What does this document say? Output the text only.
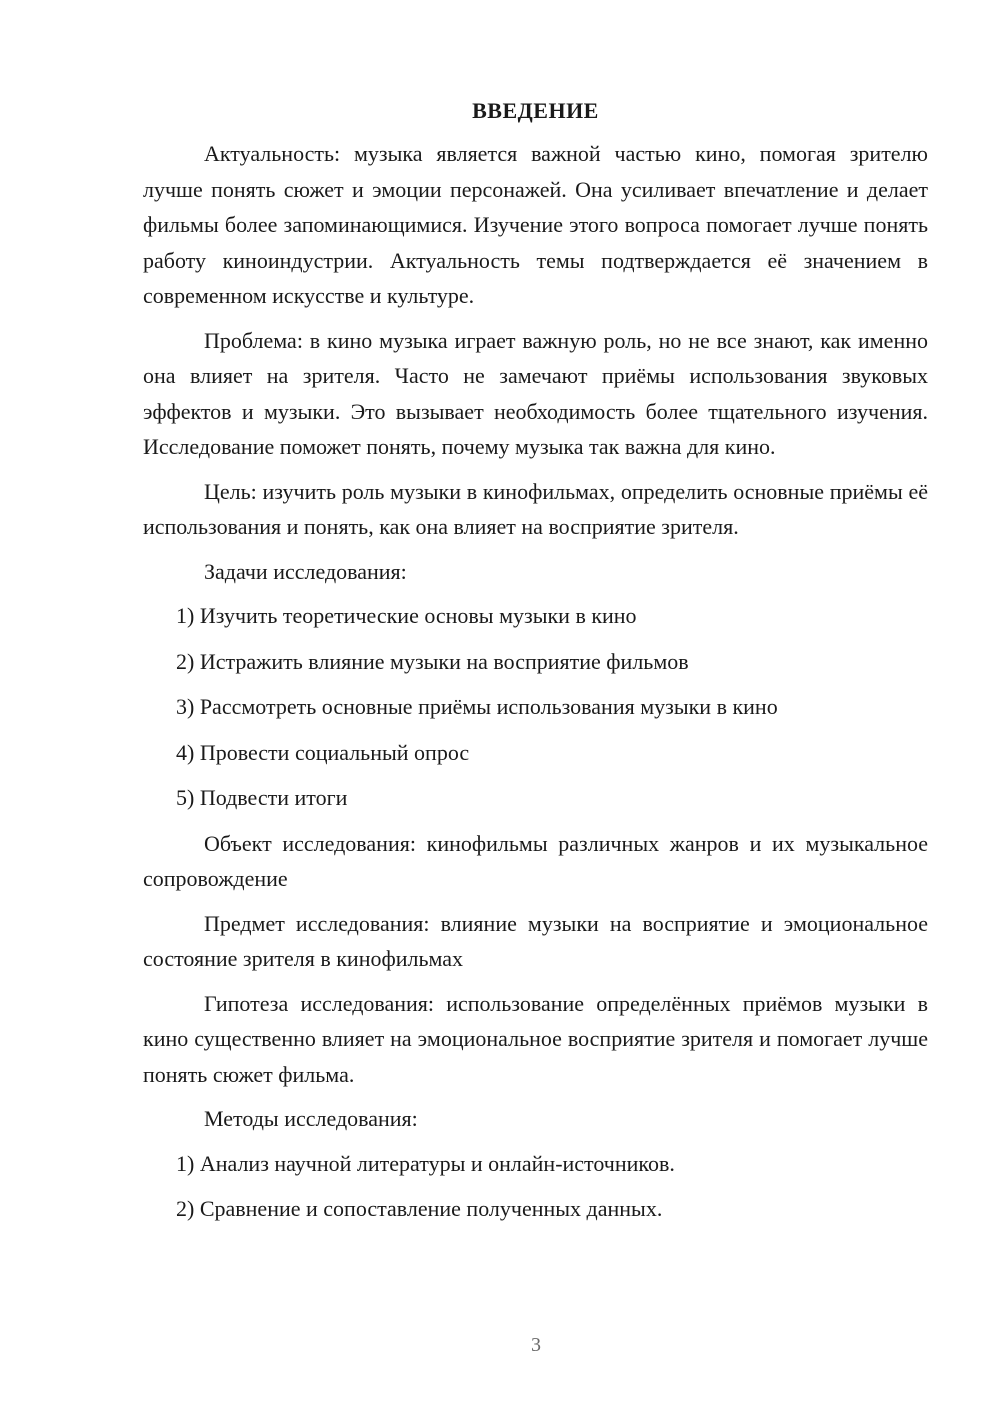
ВВЕДЕНИЕ

Актуальность: музыка является важной частью кино, помогая зрителю лучше понять сюжет и эмоции персонажей. Она усиливает впечатление и делает фильмы более запоминающимися. Изучение этого вопроса помогает лучше понять работу киноиндустрии. Актуальность темы подтверждается её значением в современном искусстве и культуре.

Проблема: в кино музыка играет важную роль, но не все знают, как именно она влияет на зрителя. Часто не замечают приёмы использования звуковых эффектов и музыки. Это вызывает необходимость более тщательного изучения. Исследование поможет понять, почему музыка так важна для кино.

Цель: изучить роль музыки в кинофильмах, определить основные приёмы её использования и понять, как она влияет на восприятие зрителя.

Задачи исследования:

1) Изучить теоретические основы музыки в кино
2) Истражить влияние музыки на восприятие фильмов
3) Рассмотреть основные приёмы использования музыки в кино
4) Провести социальный опрос
5) Подвести итоги

Объект исследования: кинофильмы различных жанров и их музыкальное сопровождение

Предмет исследования: влияние музыки на восприятие и эмоциональное состояние зрителя в кинофильмах

Гипотеза исследования: использование определённых приёмов музыки в кино существенно влияет на эмоциональное восприятие зрителя и помогает лучше понять сюжет фильма.

Методы исследования:

1) Анализ научной литературы и онлайн-источников.
2) Сравнение и сопоставление полученных данных.
3
